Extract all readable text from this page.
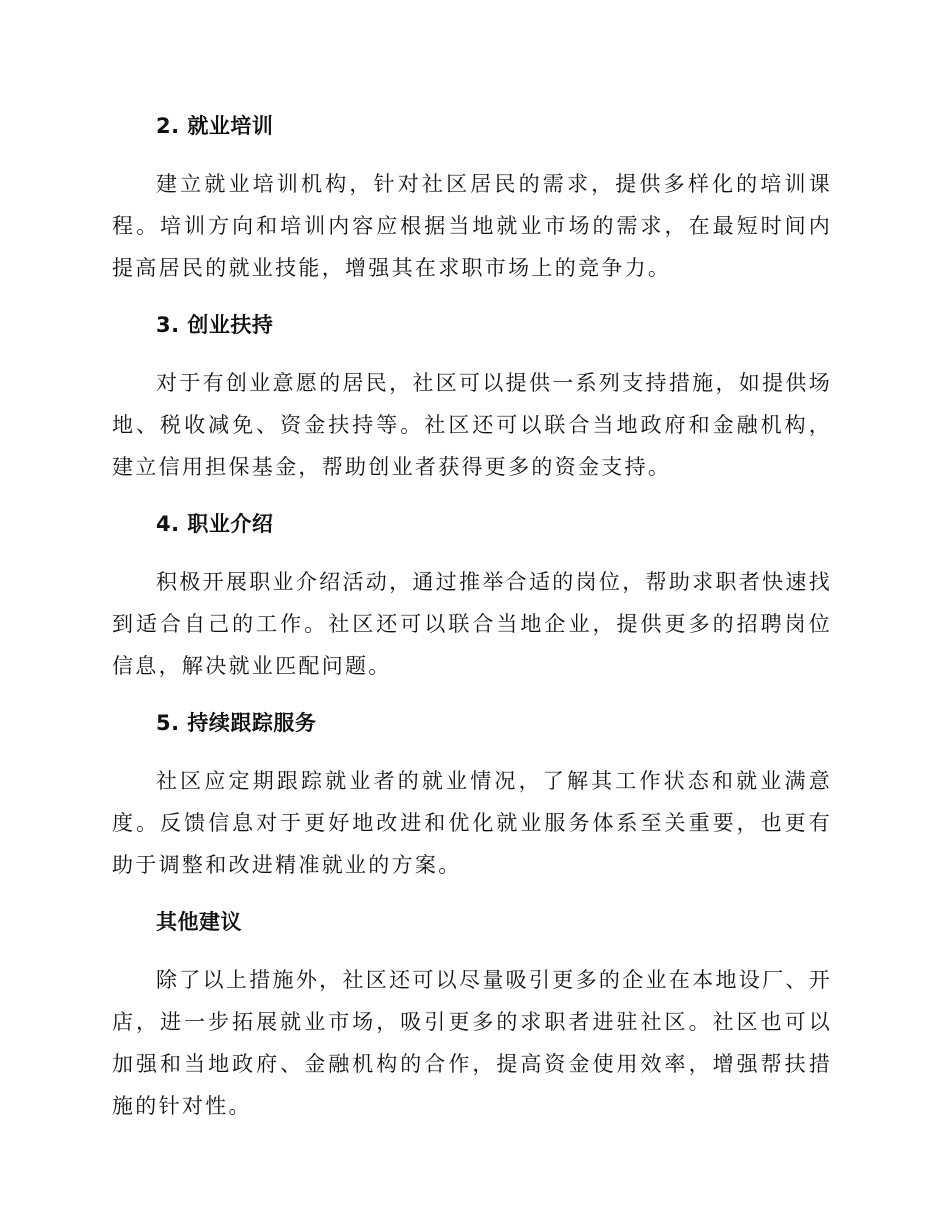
2. 就业培训

建立就业培训机构，针对社区居民的需求，提供多样化的培训课程。培训方向和培训内容应根据当地就业市场的需求，在最短时间内提高居民的就业技能，增强其在求职市场上的竞争力。

3. 创业扶持

对于有创业意愿的居民，社区可以提供一系列支持措施，如提供场地、税收减免、资金扶持等。社区还可以联合当地政府和金融机构，建立信用担保基金，帮助创业者获得更多的资金支持。

4. 职业介绍

积极开展职业介绍活动，通过推举合适的岗位，帮助求职者快速找到适合自己的工作。社区还可以联合当地企业，提供更多的招聘岗位信息，解决就业匹配问题。

5. 持续跟踪服务

社区应定期跟踪就业者的就业情况，了解其工作状态和就业满意度。反馈信息对于更好地改进和优化就业服务体系至关重要，也更有助于调整和改进精准就业的方案。

其他建议

除了以上措施外，社区还可以尽量吸引更多的企业在本地设厂、开店，进一步拓展就业市场，吸引更多的求职者进驻社区。社区也可以加强和当地政府、金融机构的合作，提高资金使用效率，增强帮扶措施的针对性。
